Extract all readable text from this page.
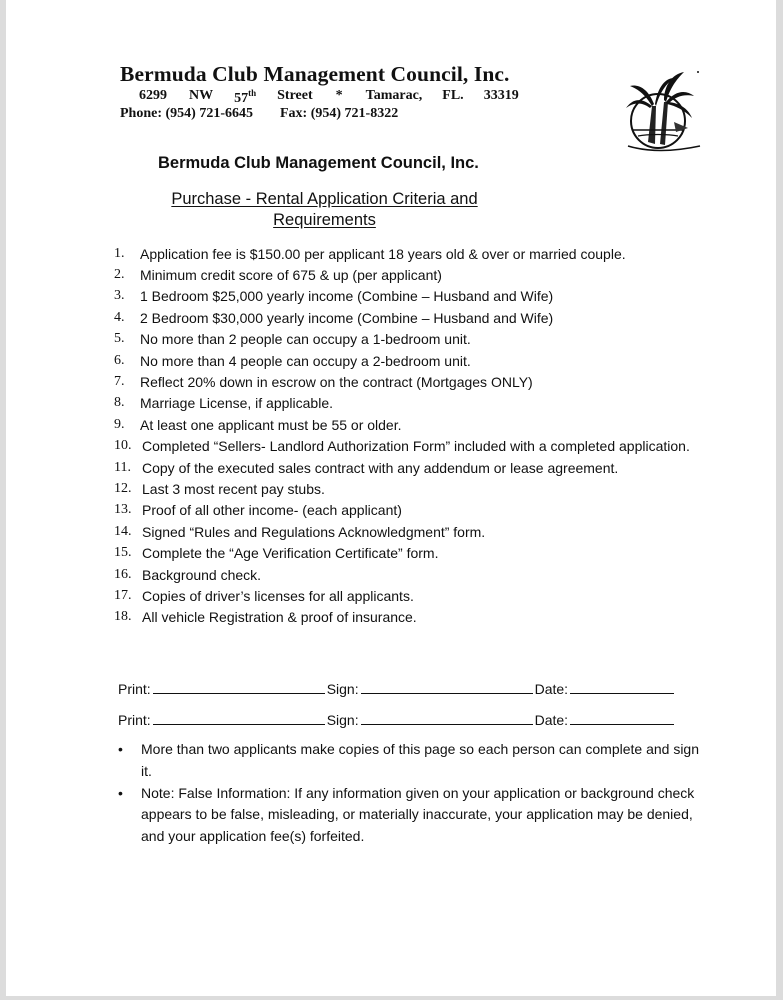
Bermuda Club Management Council, Inc.
6299 NW 57th Street * Tamarac, FL. 33319
Phone: (954) 721-6645 Fax: (954) 721-8322
Bermuda Club Management Council, Inc.
Purchase - Rental Application Criteria and
Requirements
1.	Application fee is $150.00 per applicant 18 years old & over or married couple.
2.	Minimum credit score of 675 & up (per applicant)
3.	1 Bedroom $25,000 yearly income (Combine – Husband and Wife)
4.	2 Bedroom $30,000 yearly income (Combine – Husband and Wife)
5.	No more than 2 people can occupy a 1-bedroom unit.
6.	No more than 4 people can occupy a 2-bedroom unit.
7.	Reflect 20% down in escrow on the contract (Mortgages ONLY)
8.	Marriage License, if applicable.
9.	At least one applicant must be 55 or older.
10. Completed “Sellers- Landlord Authorization Form” included with a completed application.
11. Copy of the executed sales contract with any addendum or lease agreement.
12. Last 3 most recent pay stubs.
13. Proof of all other income- (each applicant)
14. Signed “Rules and Regulations Acknowledgment” form.
15. Complete the “Age Verification Certificate” form.
16. Background check.
17. Copies of driver’s licenses for all applicants.
18. All vehicle Registration & proof of insurance.
Print:	Sign:	Date:
Print:	Sign:	Date:
• More than two applicants make copies of this page so each person can complete and sign it.
• Note: False Information: If any information given on your application or background check appears to be false, misleading, or materially inaccurate, your application may be denied, and your application fee(s) forfeited.
